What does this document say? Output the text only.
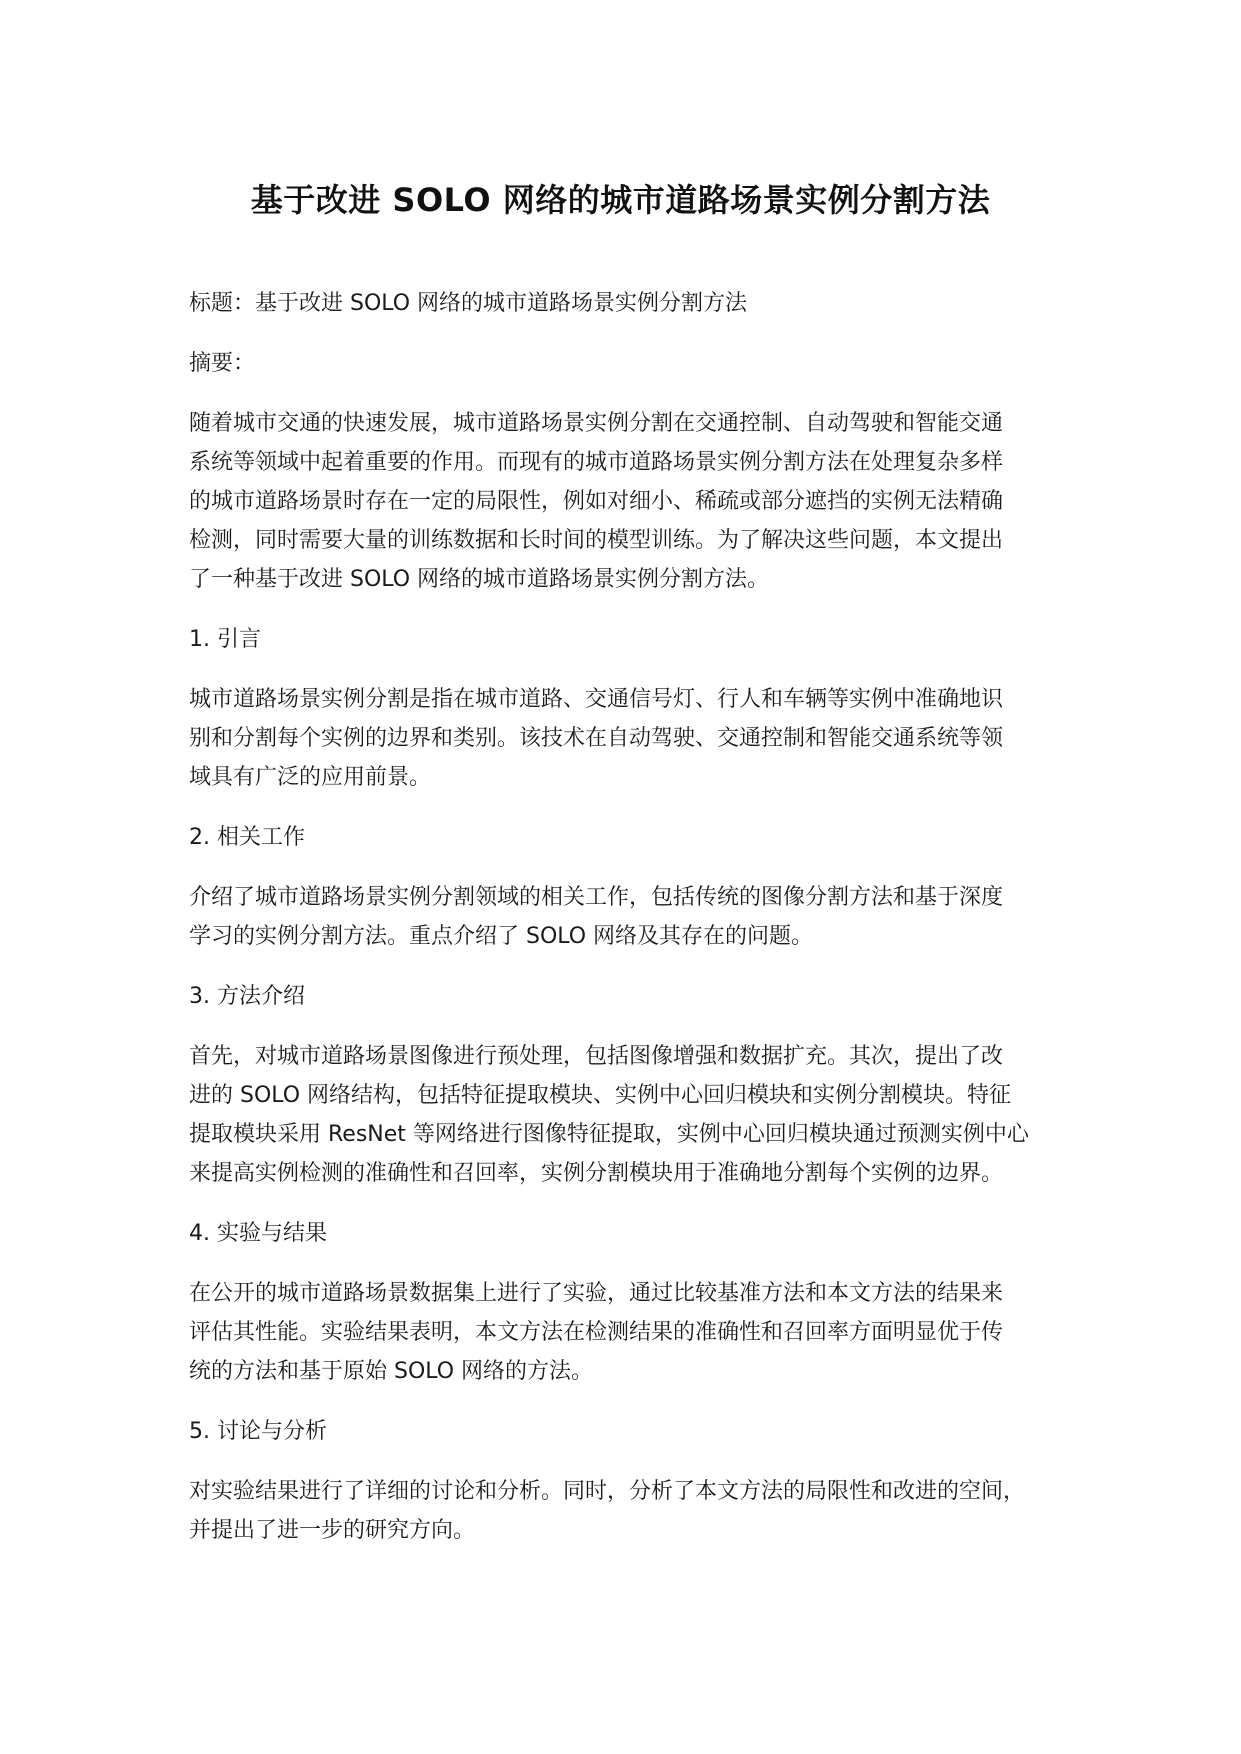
基于改进 SOLO 网络的城市道路场景实例分割方法

标题：基于改进 SOLO 网络的城市道路场景实例分割方法

摘要：

随着城市交通的快速发展，城市道路场景实例分割在交通控制、自动驾驶和智能交通
系统等领域中起着重要的作用。而现有的城市道路场景实例分割方法在处理复杂多样
的城市道路场景时存在一定的局限性，例如对细小、稀疏或部分遮挡的实例无法精确
检测，同时需要大量的训练数据和长时间的模型训练。为了解决这些问题，本文提出
了一种基于改进 SOLO 网络的城市道路场景实例分割方法。

1. 引言

城市道路场景实例分割是指在城市道路、交通信号灯、行人和车辆等实例中准确地识
别和分割每个实例的边界和类别。该技术在自动驾驶、交通控制和智能交通系统等领
域具有广泛的应用前景。

2. 相关工作

介绍了城市道路场景实例分割领域的相关工作，包括传统的图像分割方法和基于深度
学习的实例分割方法。重点介绍了 SOLO 网络及其存在的问题。

3. 方法介绍

首先，对城市道路场景图像进行预处理，包括图像增强和数据扩充。其次，提出了改
进的 SOLO 网络结构，包括特征提取模块、实例中心回归模块和实例分割模块。特征
提取模块采用 ResNet 等网络进行图像特征提取，实例中心回归模块通过预测实例中心
来提高实例检测的准确性和召回率，实例分割模块用于准确地分割每个实例的边界。

4. 实验与结果

在公开的城市道路场景数据集上进行了实验，通过比较基准方法和本文方法的结果来
评估其性能。实验结果表明，本文方法在检测结果的准确性和召回率方面明显优于传
统的方法和基于原始 SOLO 网络的方法。

5. 讨论与分析

对实验结果进行了详细的讨论和分析。同时，分析了本文方法的局限性和改进的空间，
并提出了进一步的研究方向。
